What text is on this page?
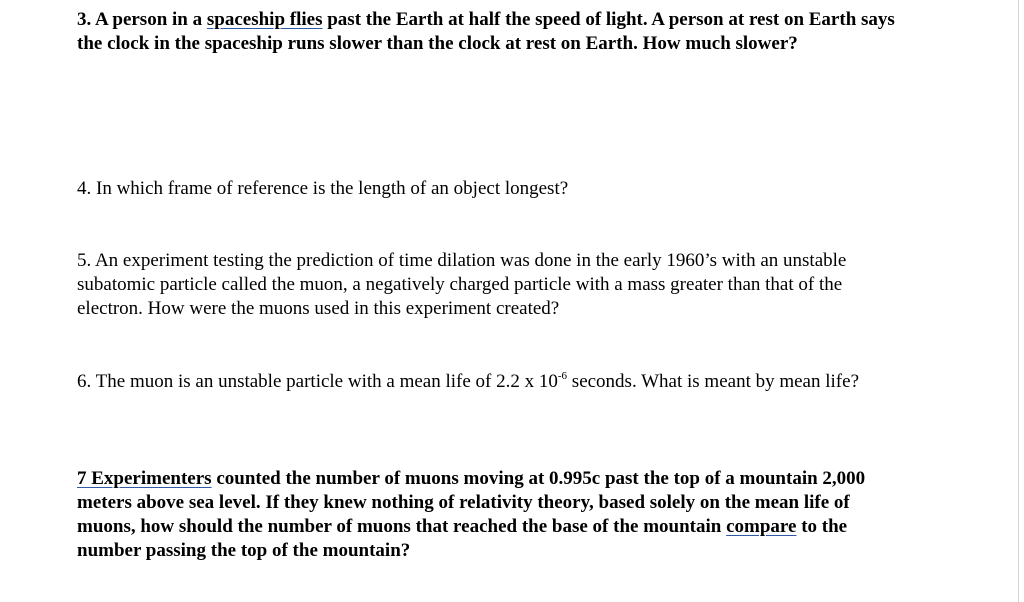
3. A person in a spaceship flies past the Earth at half the speed of light. A person at rest on Earth says the clock in the spaceship runs slower than the clock at rest on Earth. How much slower?

4. In which frame of reference is the length of an object longest?

5. An experiment testing the prediction of time dilation was done in the early 1960’s with an unstable subatomic particle called the muon, a negatively charged particle with a mass greater than that of the electron. How were the muons used in this experiment created?

6. The muon is an unstable particle with a mean life of 2.2 x $10^{-6}$ seconds. What is meant by mean life?

7 Experimenters counted the number of muons moving at 0.995c past the top of a mountain 2,000 meters above sea level. If they knew nothing of relativity theory, based solely on the mean life of muons, how should the number of muons that reached the base of the mountain compare to the number passing the top of the mountain?
